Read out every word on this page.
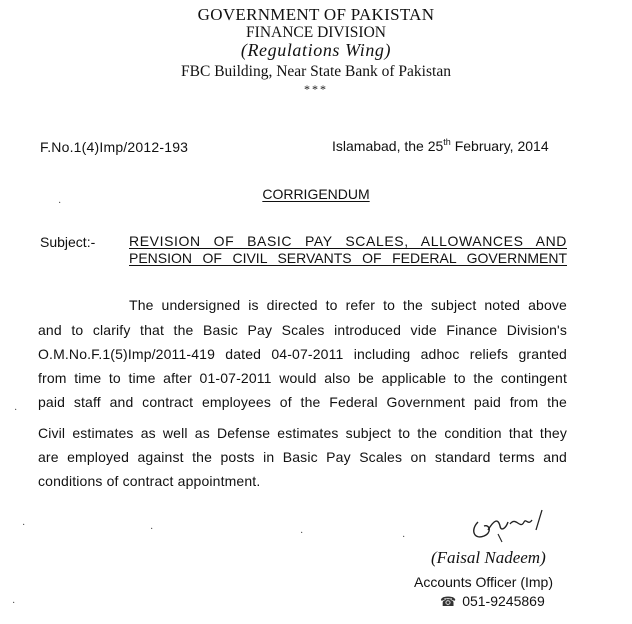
GOVERNMENT OF PAKISTAN
FINANCE DIVISION
(Regulations Wing)
FBC Building, Near State Bank of Pakistan
***
F.No.1(4)Imp/2012-193	Islamabad, the 25th February, 2014
CORRIGENDUM
Subject:- REVISION OF BASIC PAY SCALES, ALLOWANCES AND
PENSION OF CIVIL SERVANTS OF FEDERAL GOVERNMENT
The undersigned is directed to refer to the subject noted above
and to clarify that the Basic Pay Scales introduced vide Finance Division's
O.M.No.F.1(5)Imp/2011-419 dated 04-07-2011 including adhoc reliefs granted
from time to time after 01-07-2011 would also be applicable to the contingent
paid staff and contract employees of the Federal Government paid from the
Civil estimates as well as Defense estimates subject to the condition that they
are employed against the posts in Basic Pay Scales on standard terms and
conditions of contract appointment.
(Faisal Nadeem)
Accounts Officer (Imp)
☎ 051-9245869
·
·
·	·	·	·
·
